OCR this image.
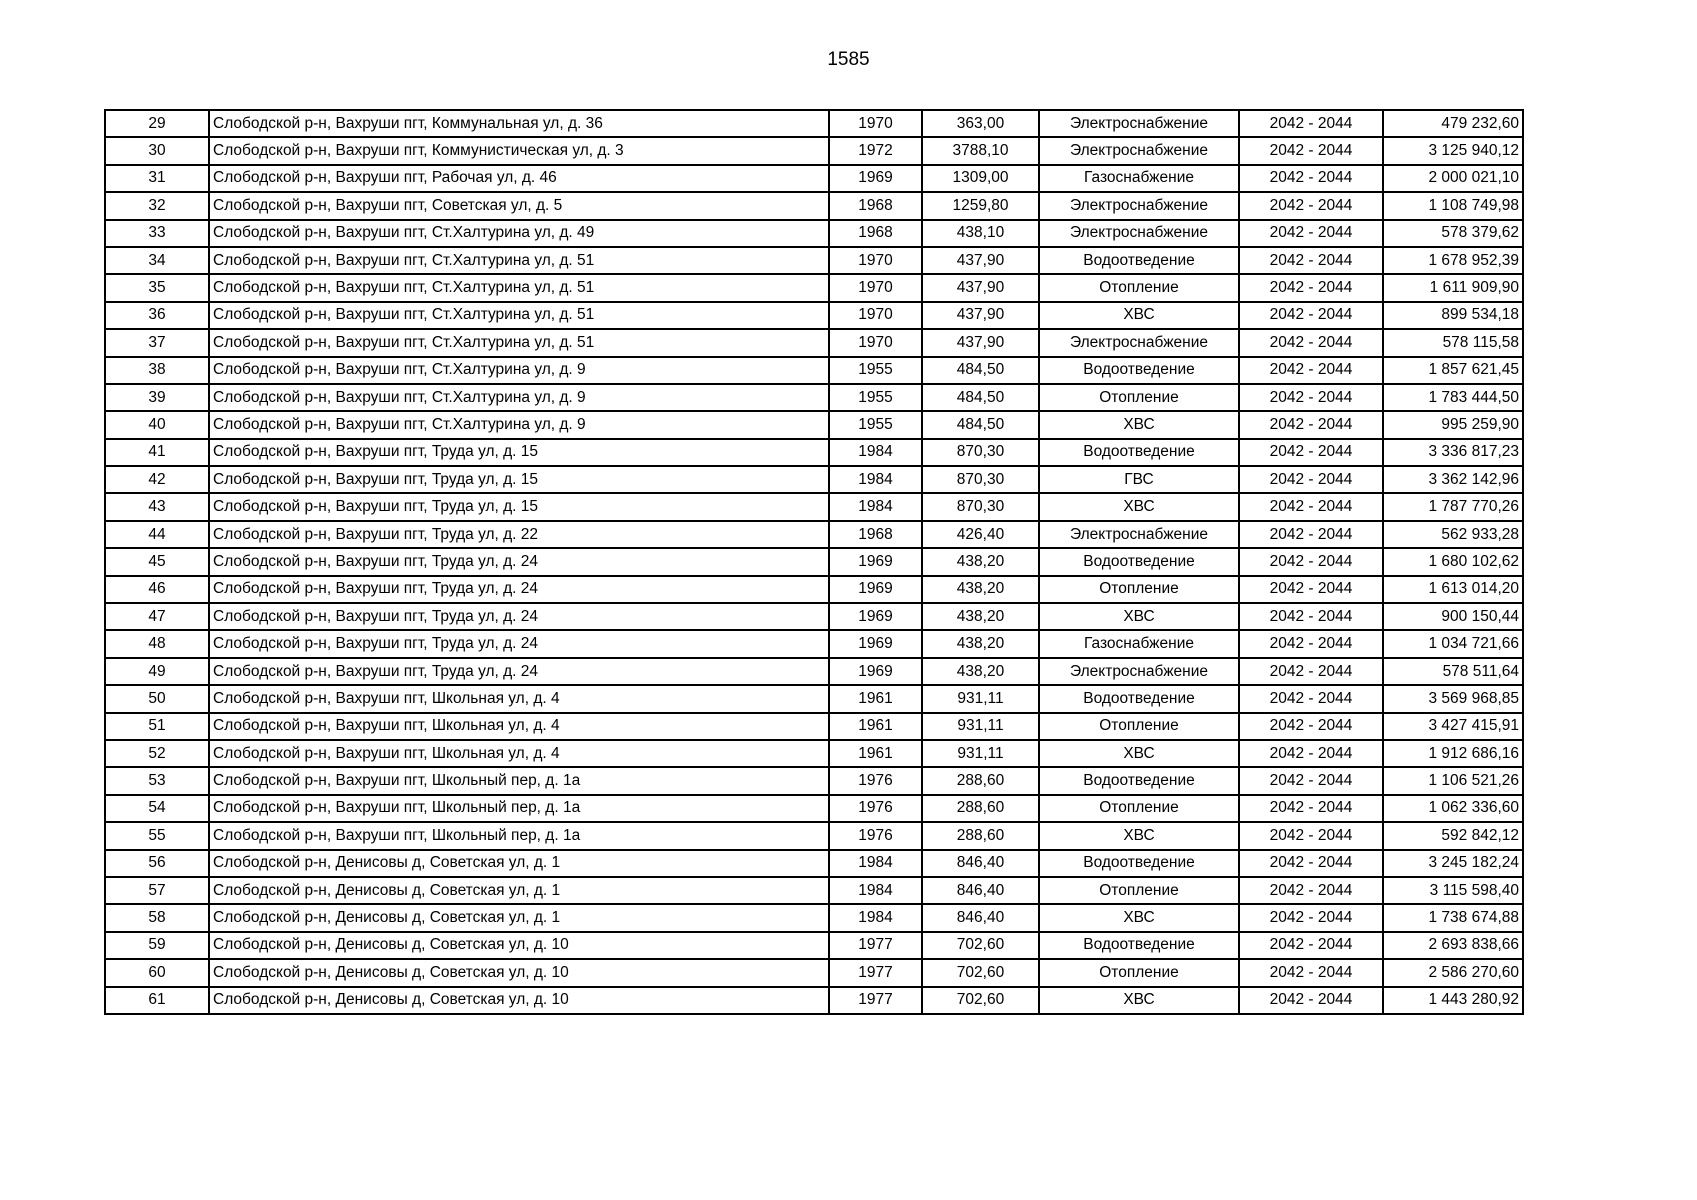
1585
29	Слободской р-н, Вахруши пгт, Коммунальная ул, д. 36	1970	363,00	Электроснабжение	2042 - 2044	479 232,60
30	Слободской р-н, Вахруши пгт, Коммунистическая ул, д. 3	1972	3788,10	Электроснабжение	2042 - 2044	3 125 940,12
31	Слободской р-н, Вахруши пгт, Рабочая ул, д. 46	1969	1309,00	Газоснабжение	2042 - 2044	2 000 021,10
32	Слободской р-н, Вахруши пгт, Советская ул, д. 5	1968	1259,80	Электроснабжение	2042 - 2044	1 108 749,98
33	Слободской р-н, Вахруши пгт, Ст.Халтурина ул, д. 49	1968	438,10	Электроснабжение	2042 - 2044	578 379,62
34	Слободской р-н, Вахруши пгт, Ст.Халтурина ул, д. 51	1970	437,90	Водоотведение	2042 - 2044	1 678 952,39
35	Слободской р-н, Вахруши пгт, Ст.Халтурина ул, д. 51	1970	437,90	Отопление	2042 - 2044	1 611 909,90
36	Слободской р-н, Вахруши пгт, Ст.Халтурина ул, д. 51	1970	437,90	ХВС	2042 - 2044	899 534,18
37	Слободской р-н, Вахруши пгт, Ст.Халтурина ул, д. 51	1970	437,90	Электроснабжение	2042 - 2044	578 115,58
38	Слободской р-н, Вахруши пгт, Ст.Халтурина ул, д. 9	1955	484,50	Водоотведение	2042 - 2044	1 857 621,45
39	Слободской р-н, Вахруши пгт, Ст.Халтурина ул, д. 9	1955	484,50	Отопление	2042 - 2044	1 783 444,50
40	Слободской р-н, Вахруши пгт, Ст.Халтурина ул, д. 9	1955	484,50	ХВС	2042 - 2044	995 259,90
41	Слободской р-н, Вахруши пгт, Труда ул, д. 15	1984	870,30	Водоотведение	2042 - 2044	3 336 817,23
42	Слободской р-н, Вахруши пгт, Труда ул, д. 15	1984	870,30	ГВС	2042 - 2044	3 362 142,96
43	Слободской р-н, Вахруши пгт, Труда ул, д. 15	1984	870,30	ХВС	2042 - 2044	1 787 770,26
44	Слободской р-н, Вахруши пгт, Труда ул, д. 22	1968	426,40	Электроснабжение	2042 - 2044	562 933,28
45	Слободской р-н, Вахруши пгт, Труда ул, д. 24	1969	438,20	Водоотведение	2042 - 2044	1 680 102,62
46	Слободской р-н, Вахруши пгт, Труда ул, д. 24	1969	438,20	Отопление	2042 - 2044	1 613 014,20
47	Слободской р-н, Вахруши пгт, Труда ул, д. 24	1969	438,20	ХВС	2042 - 2044	900 150,44
48	Слободской р-н, Вахруши пгт, Труда ул, д. 24	1969	438,20	Газоснабжение	2042 - 2044	1 034 721,66
49	Слободской р-н, Вахруши пгт, Труда ул, д. 24	1969	438,20	Электроснабжение	2042 - 2044	578 511,64
50	Слободской р-н, Вахруши пгт, Школьная ул, д. 4	1961	931,11	Водоотведение	2042 - 2044	3 569 968,85
51	Слободской р-н, Вахруши пгт, Школьная ул, д. 4	1961	931,11	Отопление	2042 - 2044	3 427 415,91
52	Слободской р-н, Вахруши пгт, Школьная ул, д. 4	1961	931,11	ХВС	2042 - 2044	1 912 686,16
53	Слободской р-н, Вахруши пгт, Школьный пер, д. 1а	1976	288,60	Водоотведение	2042 - 2044	1 106 521,26
54	Слободской р-н, Вахруши пгт, Школьный пер, д. 1а	1976	288,60	Отопление	2042 - 2044	1 062 336,60
55	Слободской р-н, Вахруши пгт, Школьный пер, д. 1а	1976	288,60	ХВС	2042 - 2044	592 842,12
56	Слободской р-н, Денисовы д, Советская ул, д. 1	1984	846,40	Водоотведение	2042 - 2044	3 245 182,24
57	Слободской р-н, Денисовы д, Советская ул, д. 1	1984	846,40	Отопление	2042 - 2044	3 115 598,40
58	Слободской р-н, Денисовы д, Советская ул, д. 1	1984	846,40	ХВС	2042 - 2044	1 738 674,88
59	Слободской р-н, Денисовы д, Советская ул, д. 10	1977	702,60	Водоотведение	2042 - 2044	2 693 838,66
60	Слободской р-н, Денисовы д, Советская ул, д. 10	1977	702,60	Отопление	2042 - 2044	2 586 270,60
61	Слободской р-н, Денисовы д, Советская ул, д. 10	1977	702,60	ХВС	2042 - 2044	1 443 280,92
